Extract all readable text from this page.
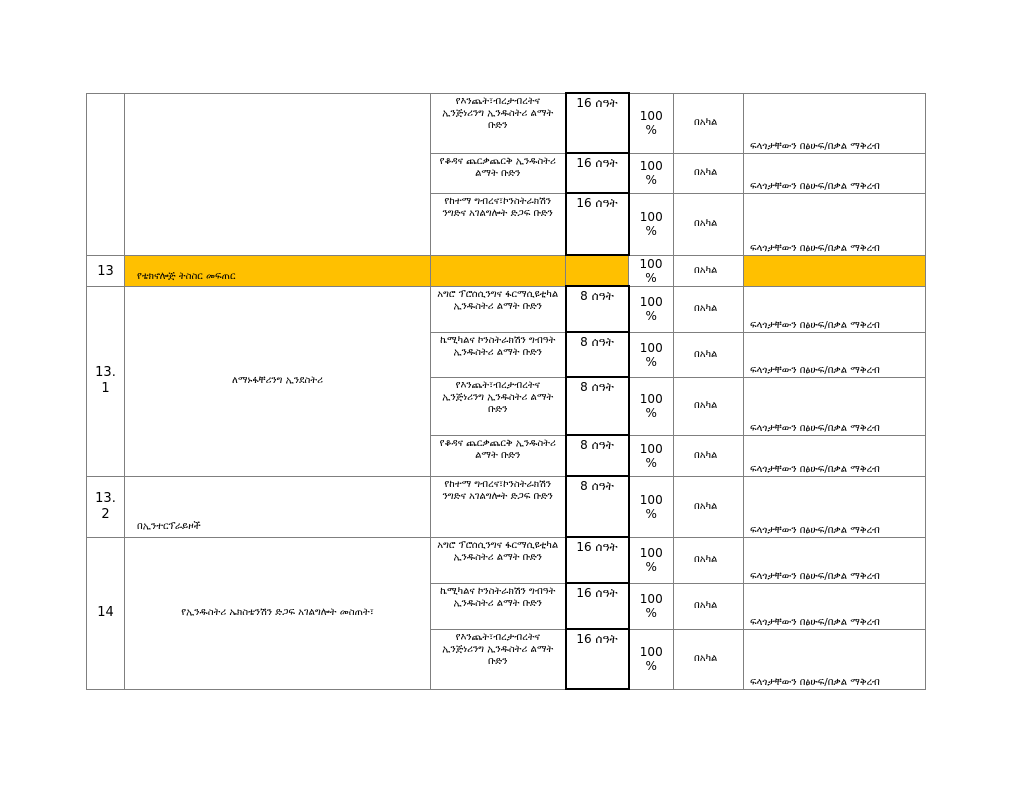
		የእንጨት፣ብረታብረትና ኢንጅነሪንግ ኢንዱስትሪ ልማት ቡድን	16 ሰዓት	100 %	በአካል	ፍላጎታቸውን በፅሁፍ/በቃል ማቅረብ
		የቆዳና ጨርቃጨርቅ ኢንዱስትሪ ልማት ቡድን	16 ሰዓት	100 %	በአካል	ፍላጎታቸውን በፅሁፍ/በቃል ማቅረብ
		የከተማ ግብረና፣ኮንስትራክሽን ንግድና አገልግሎት ድጋፍ ቡድን	16 ሰዓት	100 %	በአካል	ፍላጎታቸውን በፅሁፍ/በቃል ማቅረብ
13	የቴክኖሎጅ ትስስር መፍጠር			100 %	በአካል	
13. 1	ለማኑፋቸሪንግ ኢንደስትሪ	አግሮ ፕሮሰሲንግና ፋርማሲዩቲካል ኢንዱስትሪ ልማት ቡድን	8 ሰዓት	100 %	በአካል	ፍላጎታቸውን በፅሁፍ/በቃል ማቅረብ
		ኬሚካልና ኮንስትራክሽን ግብዓት ኢንዱስትሪ ልማት ቡድን	8 ሰዓት	100 %	በአካል	ፍላጎታቸውን በፅሁፍ/በቃል ማቅረብ
		የእንጨት፣ብረታብረትና ኢንጅነሪንግ ኢንዱስትሪ ልማት ቡድን	8 ሰዓት	100 %	በአካል	ፍላጎታቸውን በፅሁፍ/በቃል ማቅረብ
		የቆዳና ጨርቃጨርቅ ኢንዱስትሪ ልማት ቡድን	8 ሰዓት	100 %	በአካል	ፍላጎታቸውን በፅሁፍ/በቃል ማቅረብ
13. 2	በኢንተርፕራይዞች	የከተማ ግብረና፣ኮንስትራክሽን ንግድና አገልግሎት ድጋፍ ቡድን	8 ሰዓት	100 %	በአካል	ፍላጎታቸውን በፅሁፍ/በቃል ማቅረብ
14	የኢንዱስትሪ ኤክስቴንሽን ድጋፍ አገልግሎት መስጠት፣	አግሮ ፕሮሰሲንግና ፋርማሲዩቲካል ኢንዱስትሪ ልማት ቡድን	16 ሰዓት	100 %	በአካል	ፍላጎታቸውን በፅሁፍ/በቃል ማቅረብ
		ኬሚካልና ኮንስትራክሽን ግብዓት ኢንዱስትሪ ልማት ቡድን	16 ሰዓት	100 %	በአካል	ፍላጎታቸውን በፅሁፍ/በቃል ማቅረብ
		የእንጨት፣ብረታብረትና ኢንጅነሪንግ ኢንዱስትሪ ልማት ቡድን	16 ሰዓት	100 %	በአካል	ፍላጎታቸውን በፅሁፍ/በቃል ማቅረብ
